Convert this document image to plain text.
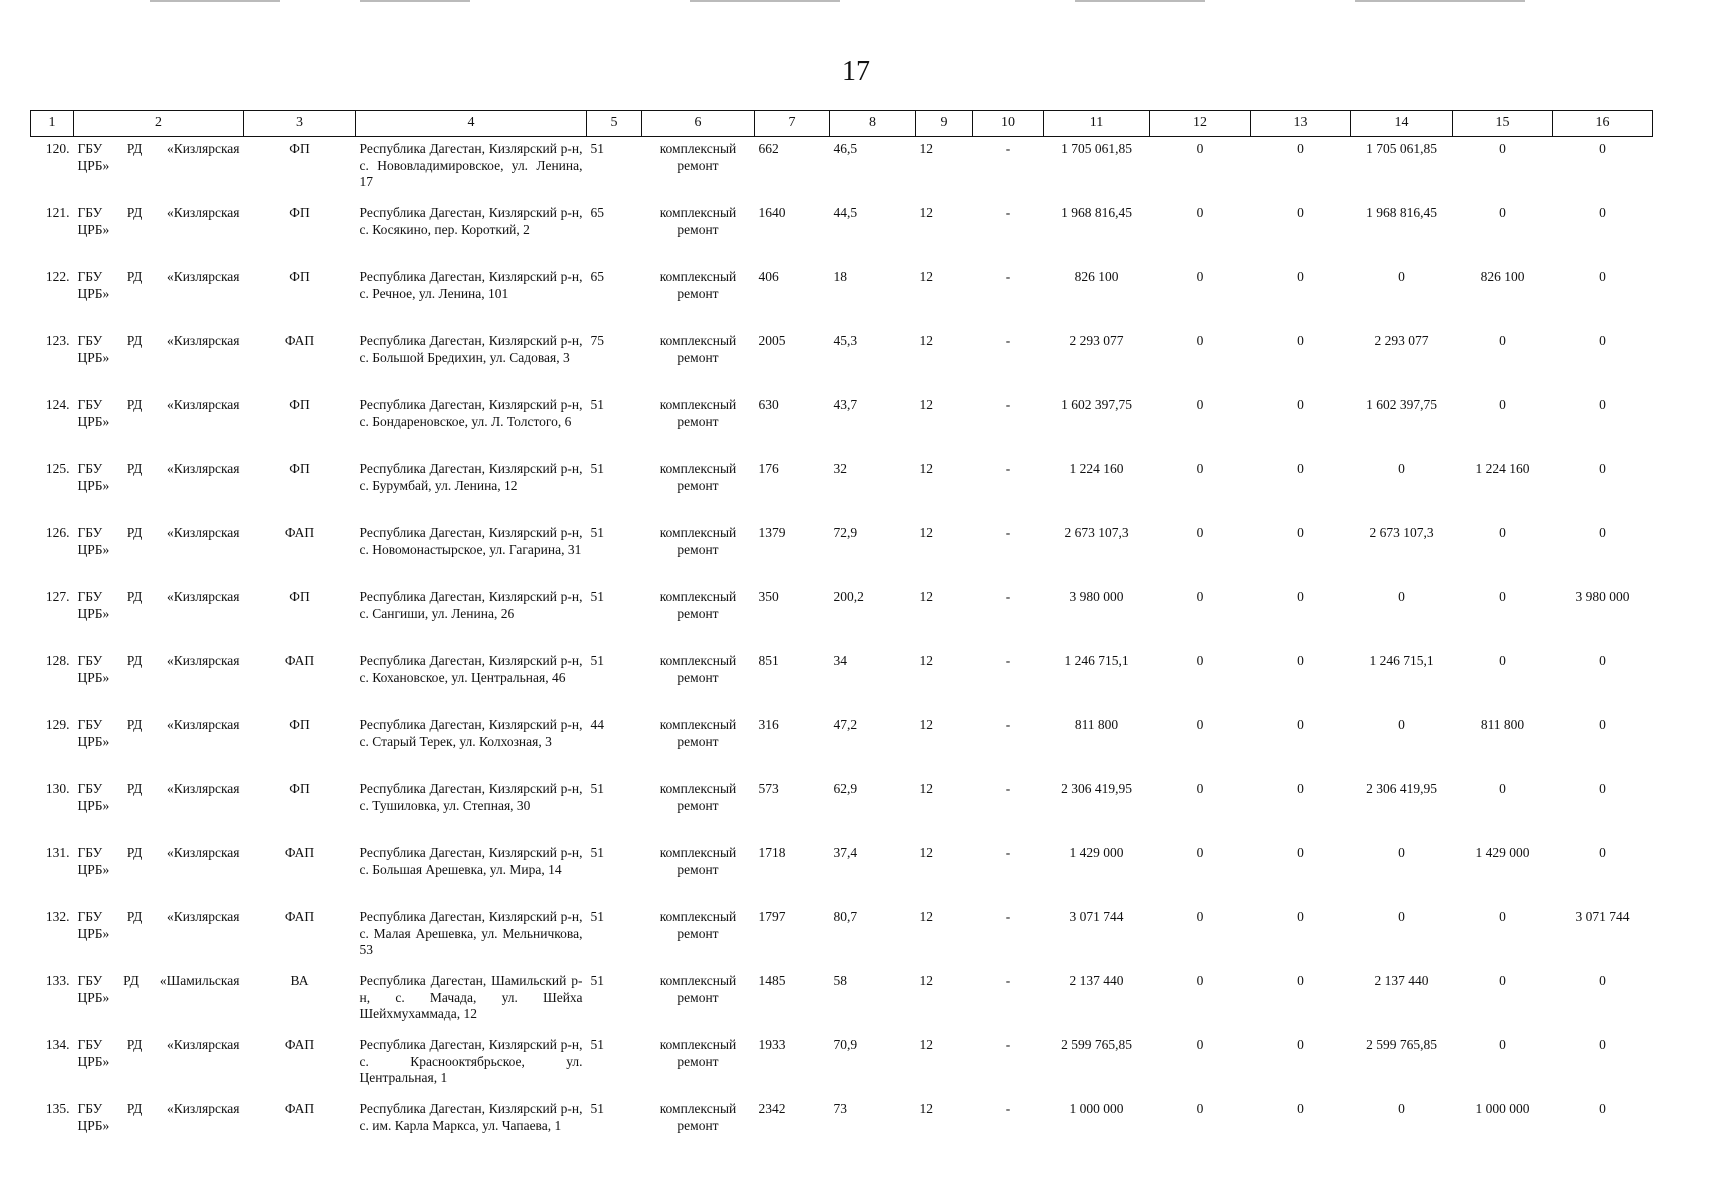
17
1	2	3	4	5	6	7	8	9	10	11	12	13	14	15	16
120.	ГБУ РД «Кизлярская
ЦРБ»	ФП	Республика Дагестан, Кизлярский р-н, с. Нововладимировское, ул. Ленина, 17	51	комплексный ремонт	662	46,5	12	-	1 705 061,85	0	0	1 705 061,85	0	0
121.	ГБУ РД «Кизлярская
ЦРБ»	ФП	Республика Дагестан, Кизлярский р-н, с. Косякино, пер. Короткий, 2	65	комплексный ремонт	1640	44,5	12	-	1 968 816,45	0	0	1 968 816,45	0	0
122.	ГБУ РД «Кизлярская
ЦРБ»	ФП	Республика Дагестан, Кизлярский р-н, с. Речное, ул. Ленина, 101	65	комплексный ремонт	406	18	12	-	826 100	0	0	0	826 100	0
123.	ГБУ РД «Кизлярская
ЦРБ»	ФАП	Республика Дагестан, Кизлярский р-н, с. Большой Бредихин, ул. Садовая, 3	75	комплексный ремонт	2005	45,3	12	-	2 293 077	0	0	2 293 077	0	0
124.	ГБУ РД «Кизлярская
ЦРБ»	ФП	Республика Дагестан, Кизлярский р-н, с. Бондареновское, ул. Л. Толстого, 6	51	комплексный ремонт	630	43,7	12	-	1 602 397,75	0	0	1 602 397,75	0	0
125.	ГБУ РД «Кизлярская
ЦРБ»	ФП	Республика Дагестан, Кизлярский р-н, с. Бурумбай, ул. Ленина, 12	51	комплексный ремонт	176	32	12	-	1 224 160	0	0	0	1 224 160	0
126.	ГБУ РД «Кизлярская
ЦРБ»	ФАП	Республика Дагестан, Кизлярский р-н, с. Новомонастырское, ул. Гагарина, 31	51	комплексный ремонт	1379	72,9	12	-	2 673 107,3	0	0	2 673 107,3	0	0
127.	ГБУ РД «Кизлярская
ЦРБ»	ФП	Республика Дагестан, Кизлярский р-н, с. Сангиши, ул. Ленина, 26	51	комплексный ремонт	350	200,2	12	-	3 980 000	0	0	0	0	3 980 000
128.	ГБУ РД «Кизлярская
ЦРБ»	ФАП	Республика Дагестан, Кизлярский р-н, с. Кохановское, ул. Центральная, 46	51	комплексный ремонт	851	34	12	-	1 246 715,1	0	0	1 246 715,1	0	0
129.	ГБУ РД «Кизлярская
ЦРБ»	ФП	Республика Дагестан, Кизлярский р-н, с. Старый Терек, ул. Колхозная, 3	44	комплексный ремонт	316	47,2	12	-	811 800	0	0	0	811 800	0
130.	ГБУ РД «Кизлярская
ЦРБ»	ФП	Республика Дагестан, Кизлярский р-н, с. Тушиловка, ул. Степная, 30	51	комплексный ремонт	573	62,9	12	-	2 306 419,95	0	0	2 306 419,95	0	0
131.	ГБУ РД «Кизлярская
ЦРБ»	ФАП	Республика Дагестан, Кизлярский р-н, с. Большая Арешевка, ул. Мира, 14	51	комплексный ремонт	1718	37,4	12	-	1 429 000	0	0	0	1 429 000	0
132.	ГБУ РД «Кизлярская
ЦРБ»	ФАП	Республика Дагестан, Кизлярский р-н, с. Малая Арешевка, ул. Мельничкова, 53	51	комплексный ремонт	1797	80,7	12	-	3 071 744	0	0	0	0	3 071 744
133.	ГБУ РД «Шамильская
ЦРБ»	ВА	Республика Дагестан, Шамильский р-н, с. Мачада, ул. Шейха Шейхмухаммада, 12	51	комплексный ремонт	1485	58	12	-	2 137 440	0	0	2 137 440	0	0
134.	ГБУ РД «Кизлярская
ЦРБ»	ФАП	Республика Дагестан, Кизлярский р-н, с. Краснооктябрьское, ул. Центральная, 1	51	комплексный ремонт	1933	70,9	12	-	2 599 765,85	0	0	2 599 765,85	0	0
135.	ГБУ РД «Кизлярская
ЦРБ»	ФАП	Республика Дагестан, Кизлярский р-н, с. им. Карла Маркса, ул. Чапаева, 1	51	комплексный ремонт	2342	73	12	-	1 000 000	0	0	0	1 000 000	0
